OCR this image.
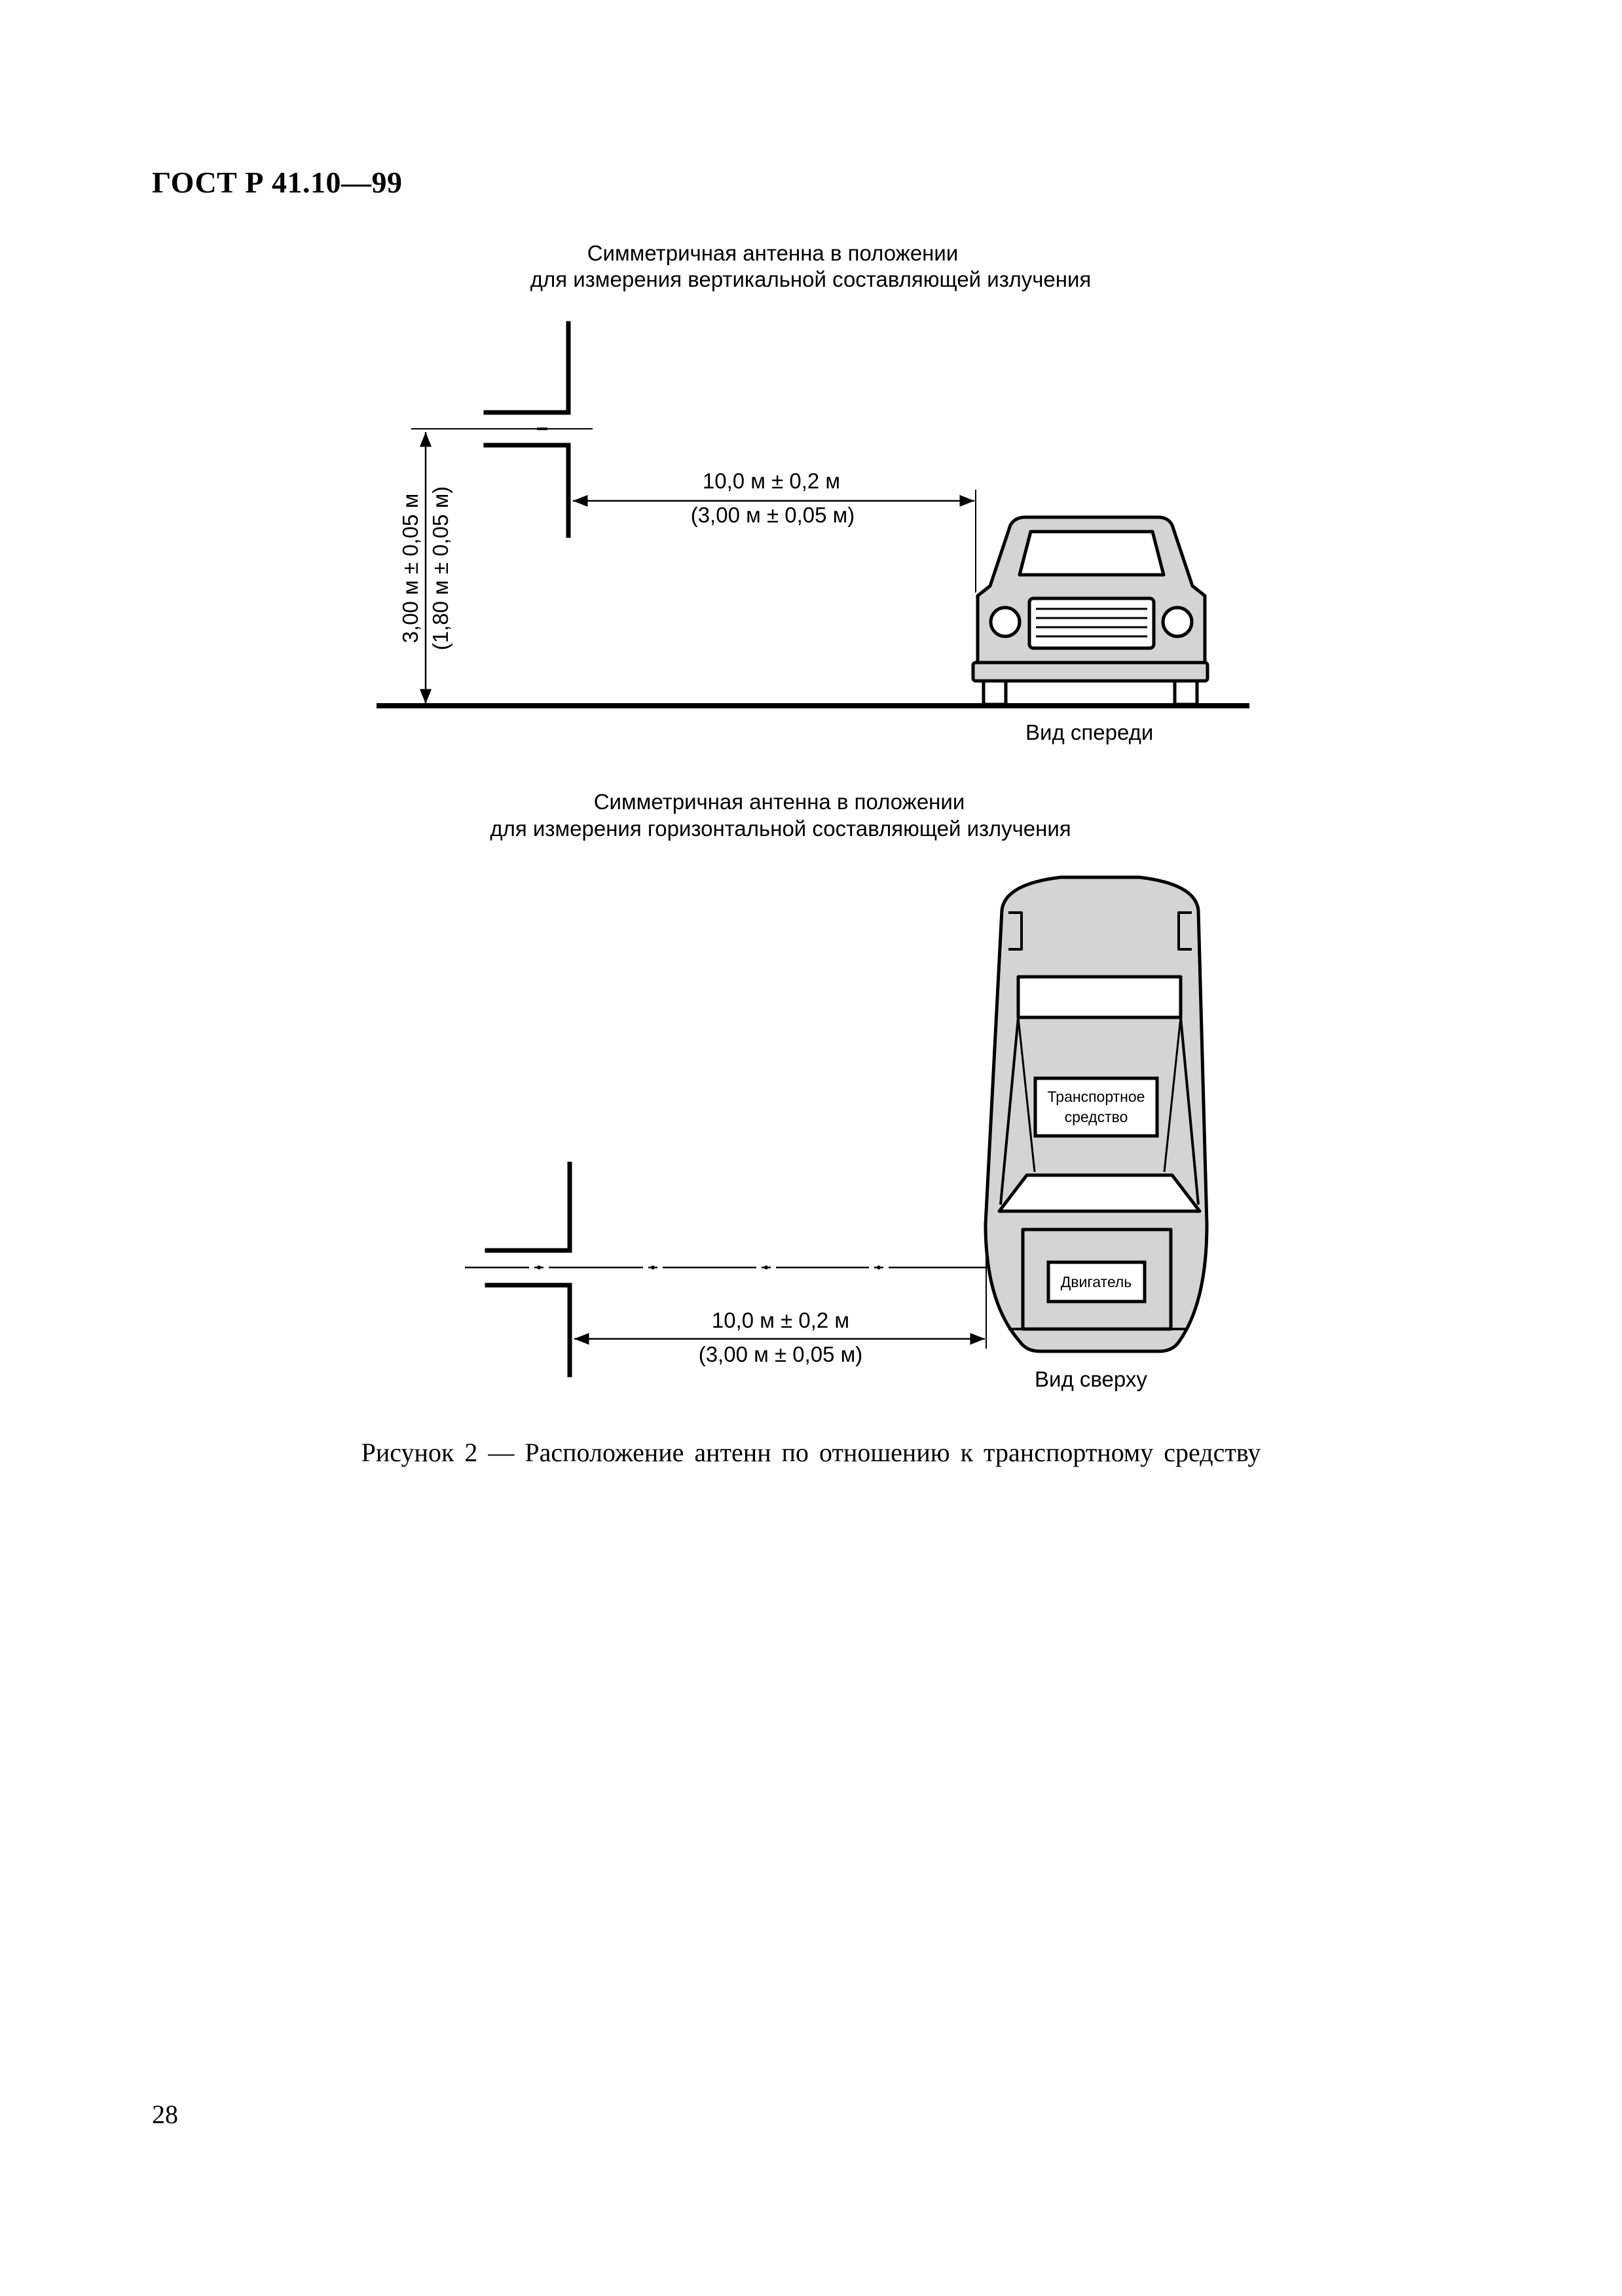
ГОСТ Р 41.10—99
Симметричная антенна в положении
для измерения вертикальной составляющей излучения
3,00 м ± 0,05 м (1,80 м ± 0,05 м)
10,0 м ± 0,2 м
(3,00 м ± 0,05 м)
Вид спереди
Симметричная антенна в положении
для измерения горизонтальной составляющей излучения
10,0 м ± 0,2 м
(3,00 м ± 0,05 м)
Транспортное
средство
Двигатель
Вид сверху
Рисунок 2 — Расположение антенн по отношению к транспортному средству
28
